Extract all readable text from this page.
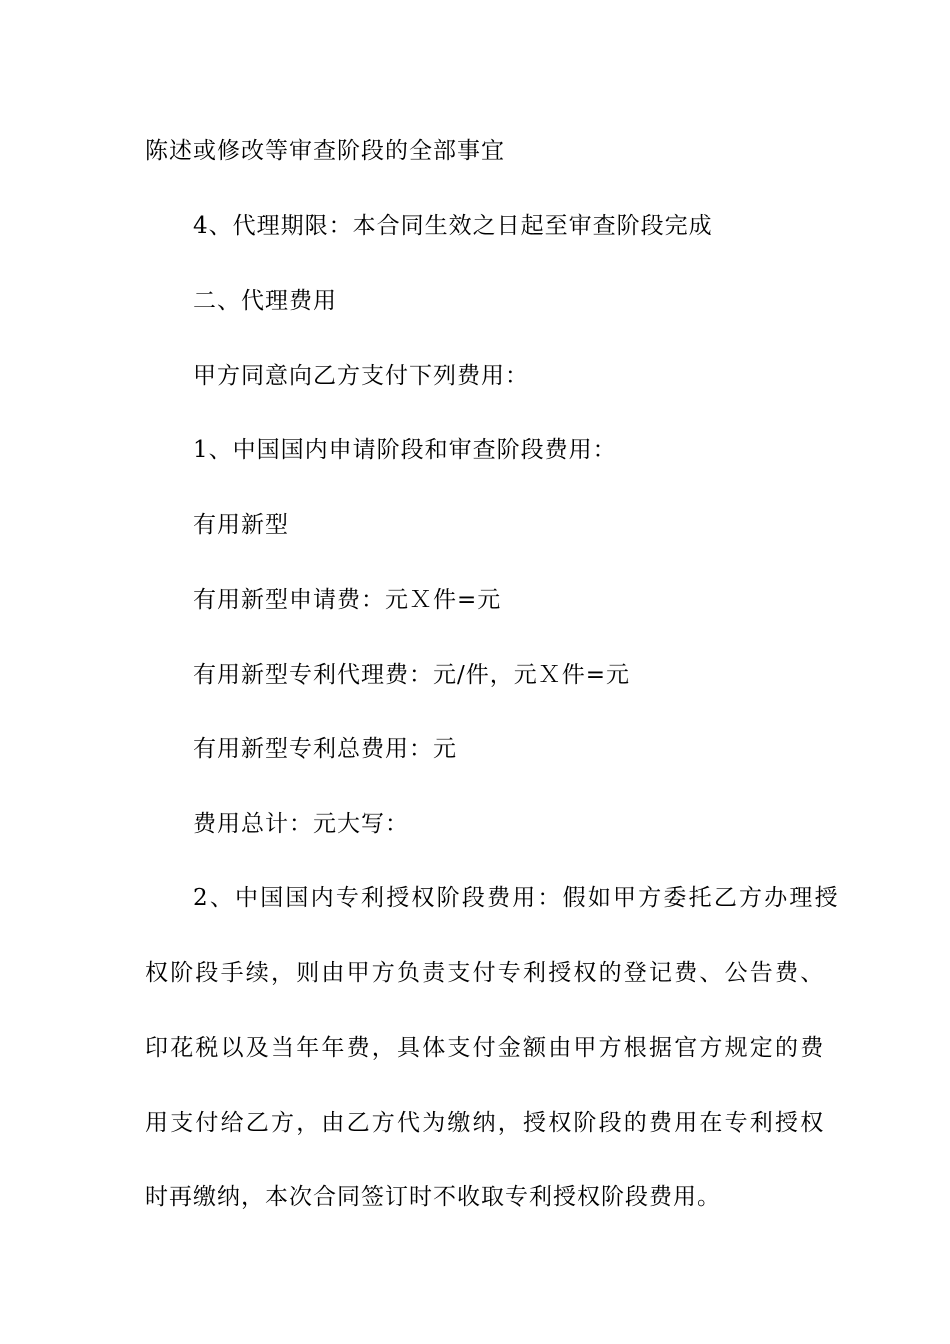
陈述或修改等审查阶段的全部事宜

4、代理期限：本合同生效之日起至审查阶段完成

二、代理费用

甲方同意向乙方支付下列费用：

1、中国国内申请阶段和审查阶段费用：

有用新型

有用新型申请费：元Ｘ件=元

有用新型专利代理费：元/件，元Ｘ件=元

有用新型专利总费用：元

费用总计：元大写：

2、中国国内专利授权阶段费用：假如甲方委托乙方办理授

权阶段手续，则由甲方负责支付专利授权的登记费、公告费、

印花税以及当年年费，具体支付金额由甲方根据官方规定的费

用支付给乙方，由乙方代为缴纳，授权阶段的费用在专利授权

时再缴纳，本次合同签订时不收取专利授权阶段费用。
